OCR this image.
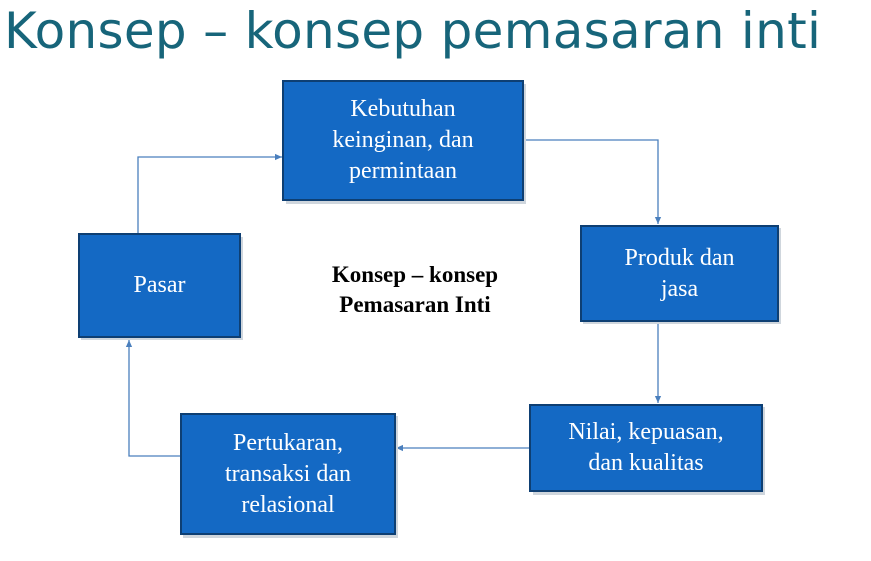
Konsep – konsep pemasaran inti
Kebutuhan
keinginan, dan
permintaan
Produk dan
jasa
Nilai, kepuasan,
dan kualitas
Pertukaran,
transaksi dan
relasional
Pasar	Konsep – konsep
Pemasaran Inti
